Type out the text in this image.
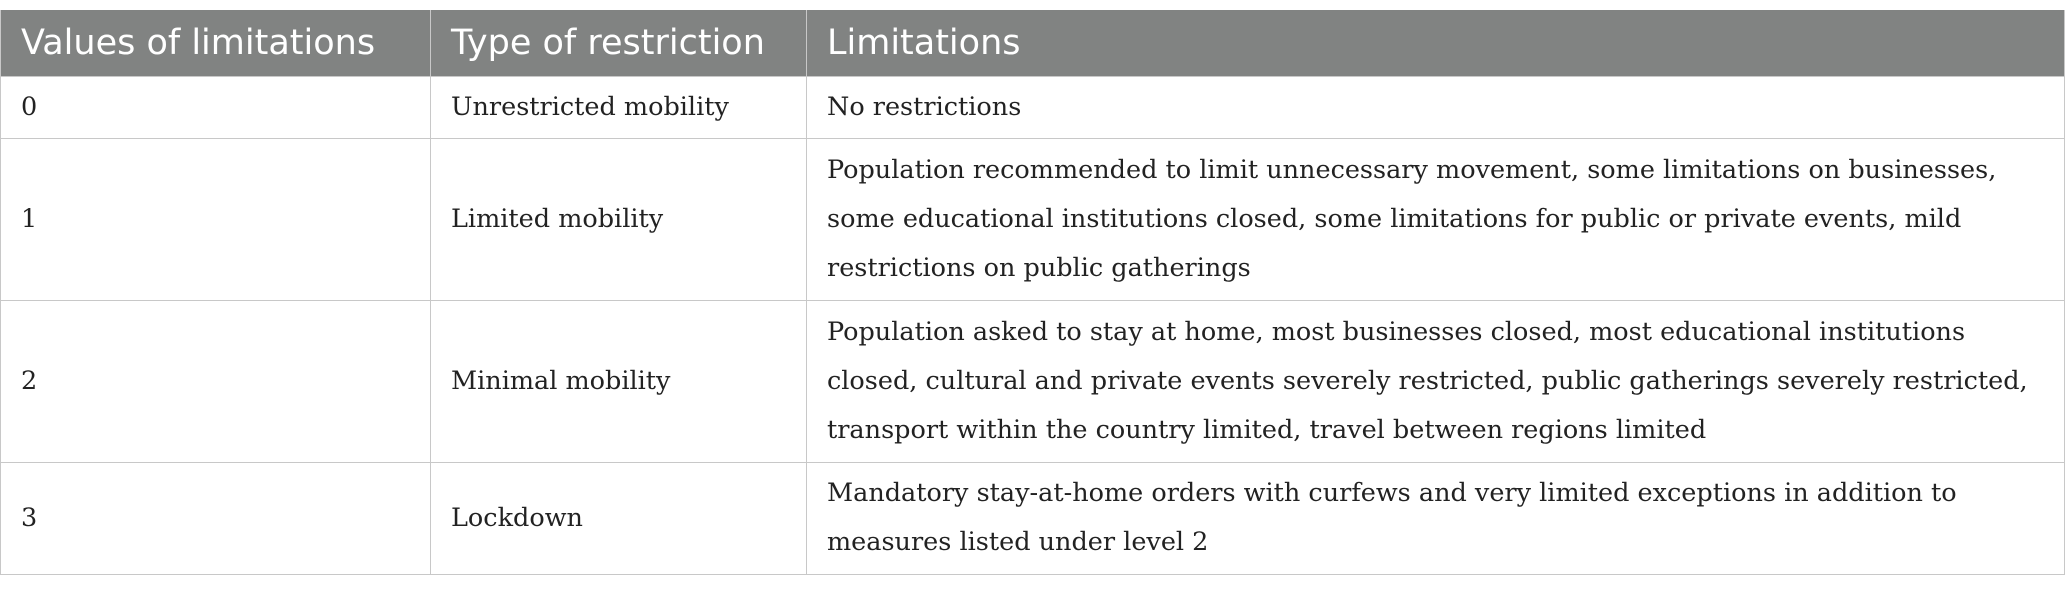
Values of limitations	Type of restriction	Limitations
0	Unrestricted mobility	No restrictions
1	Limited mobility	Population recommended to limit unnecessary movement, some limitations on businesses, some educational institutions closed, some limitations for public or private events, mild restrictions on public gatherings
2	Minimal mobility	Population asked to stay at home, most businesses closed, most educational institutions closed, cultural and private events severely restricted, public gatherings severely restricted, transport within the country limited, travel between regions limited
3	Lockdown	Mandatory stay-at-home orders with curfews and very limited exceptions in addition to measures listed under level 2
